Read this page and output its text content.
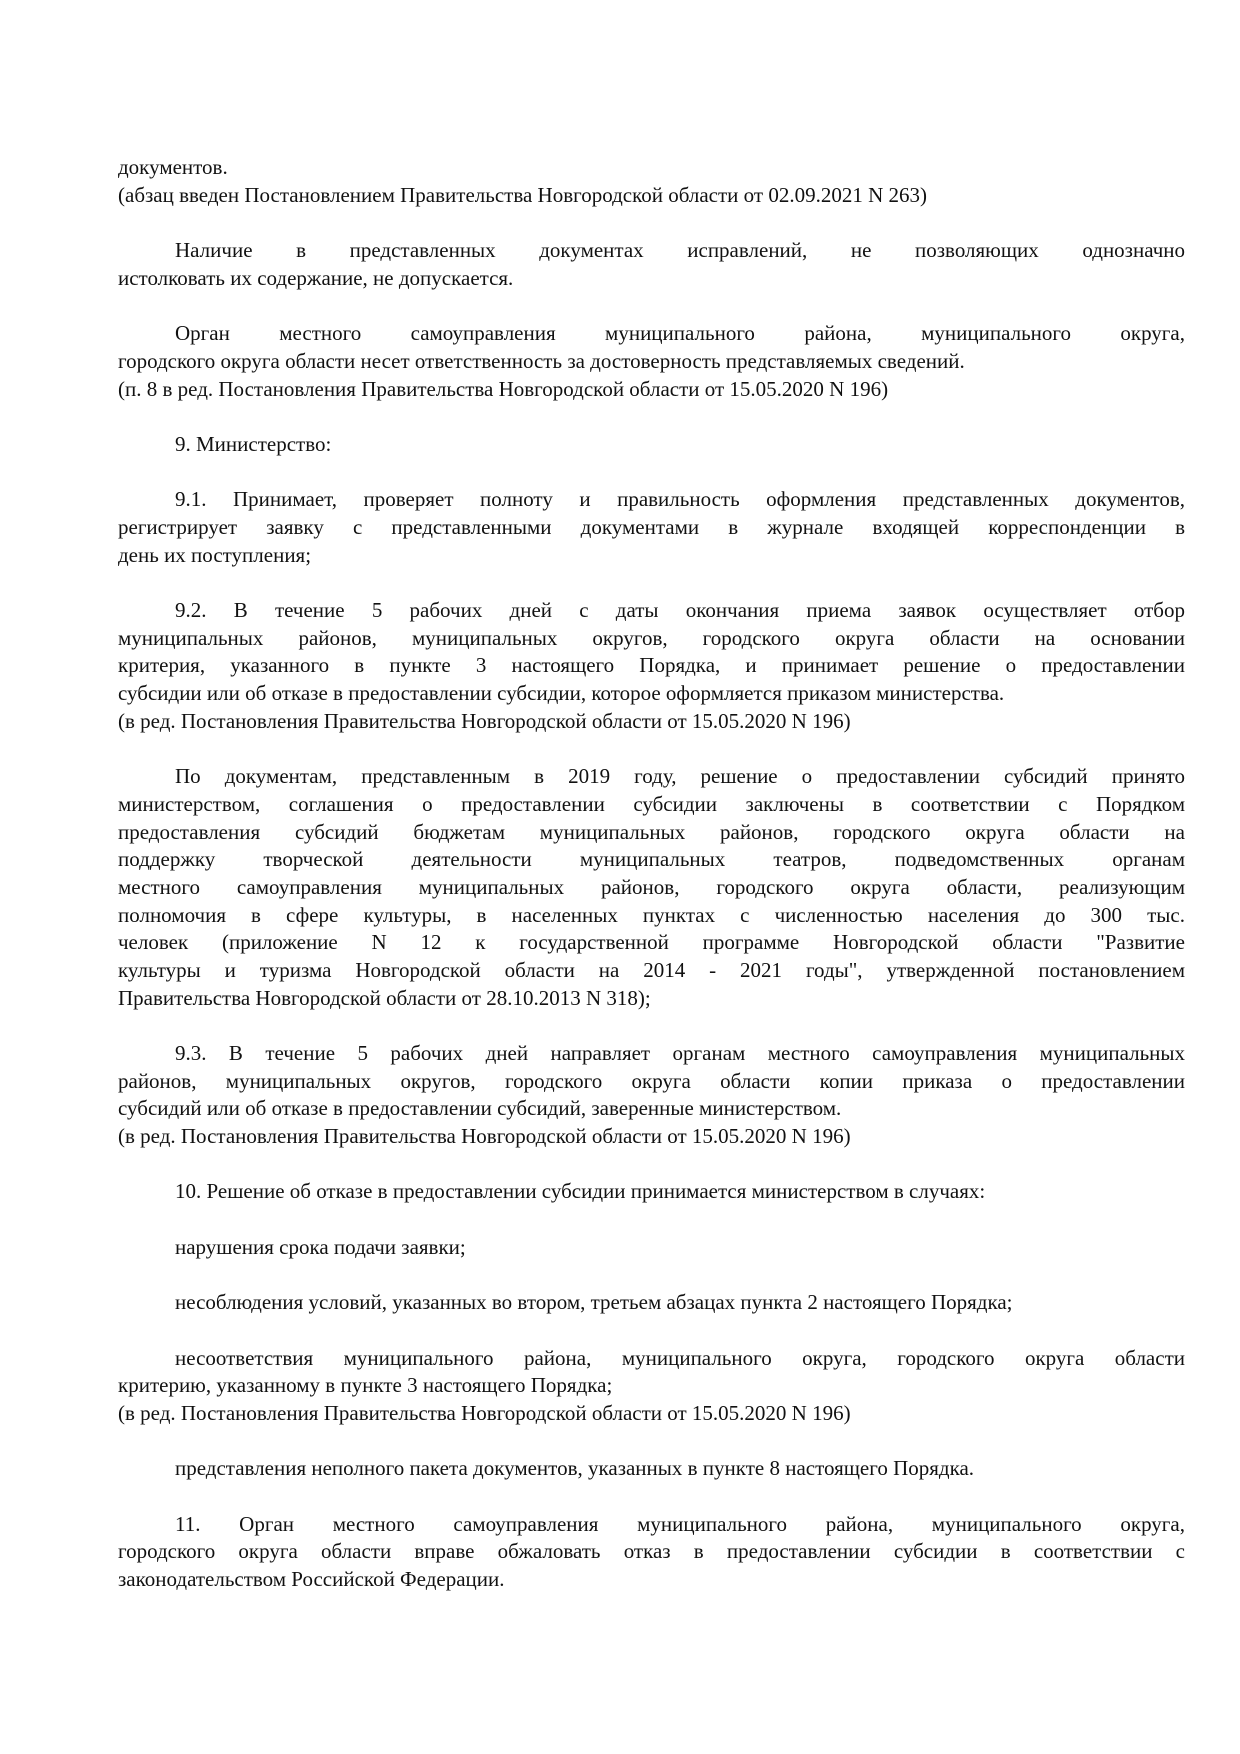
документов.
(абзац введен Постановлением Правительства Новгородской области от 02.09.2021 N 263)
Наличие в представленных документах исправлений, не позволяющих однозначно
истолковать их содержание, не допускается.
Орган местного самоуправления муниципального района, муниципального округа,
городского округа области несет ответственность за достоверность представляемых сведений.
(п. 8 в ред. Постановления Правительства Новгородской области от 15.05.2020 N 196)
9. Министерство:
9.1. Принимает, проверяет полноту и правильность оформления представленных документов,
регистрирует заявку с представленными документами в журнале входящей корреспонденции в
день их поступления;
9.2. В течение 5 рабочих дней с даты окончания приема заявок осуществляет отбор
муниципальных районов, муниципальных округов, городского округа области на основании
критерия, указанного в пункте 3 настоящего Порядка, и принимает решение о предоставлении
субсидии или об отказе в предоставлении субсидии, которое оформляется приказом министерства.
(в ред. Постановления Правительства Новгородской области от 15.05.2020 N 196)
По документам, представленным в 2019 году, решение о предоставлении субсидий принято
министерством, соглашения о предоставлении субсидии заключены в соответствии с Порядком
предоставления субсидий бюджетам муниципальных районов, городского округа области на
поддержку творческой деятельности муниципальных театров, подведомственных органам
местного самоуправления муниципальных районов, городского округа области, реализующим
полномочия в сфере культуры, в населенных пунктах с численностью населения до 300 тыс.
человек (приложение N 12 к государственной программе Новгородской области "Развитие
культуры и туризма Новгородской области на 2014 - 2021 годы", утвержденной постановлением
Правительства Новгородской области от 28.10.2013 N 318);
9.3. В течение 5 рабочих дней направляет органам местного самоуправления муниципальных
районов, муниципальных округов, городского округа области копии приказа о предоставлении
субсидий или об отказе в предоставлении субсидий, заверенные министерством.
(в ред. Постановления Правительства Новгородской области от 15.05.2020 N 196)
10. Решение об отказе в предоставлении субсидии принимается министерством в случаях:
нарушения срока подачи заявки;
несоблюдения условий, указанных во втором, третьем абзацах пункта 2 настоящего Порядка;
несоответствия муниципального района, муниципального округа, городского округа области
критерию, указанному в пункте 3 настоящего Порядка;
(в ред. Постановления Правительства Новгородской области от 15.05.2020 N 196)
представления неполного пакета документов, указанных в пункте 8 настоящего Порядка.
11. Орган местного самоуправления муниципального района, муниципального округа,
городского округа области вправе обжаловать отказ в предоставлении субсидии в соответствии с
законодательством Российской Федерации.
